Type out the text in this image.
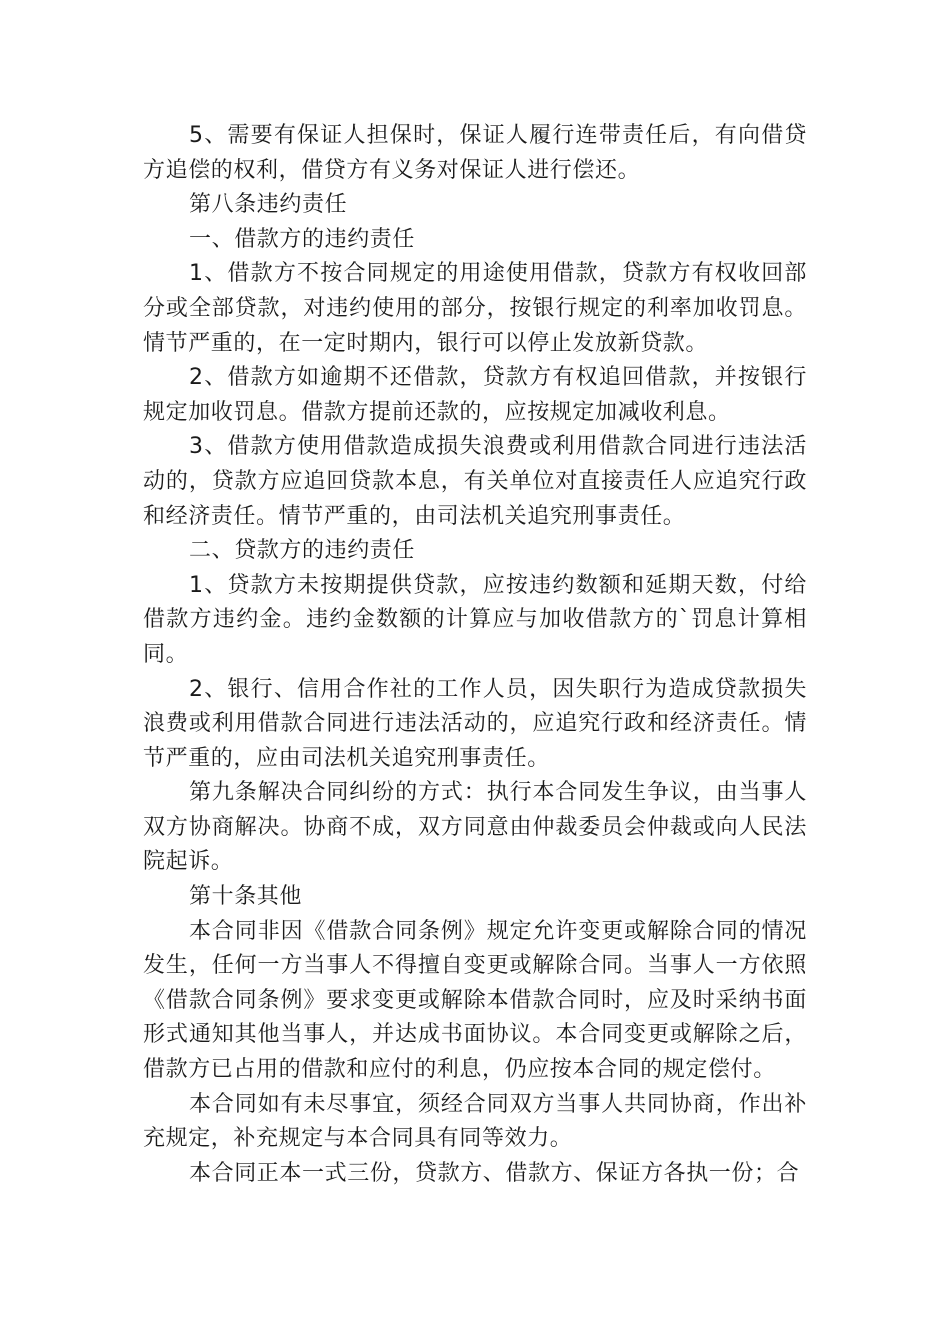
5、需要有保证人担保时，保证人履行连带责任后，有向借贷方追偿的权利，借贷方有义务对保证人进行偿还。

第八条违约责任

一、借款方的违约责任

1、借款方不按合同规定的用途使用借款，贷款方有权收回部分或全部贷款，对违约使用的部分，按银行规定的利率加收罚息。情节严重的，在一定时期内，银行可以停止发放新贷款。

2、借款方如逾期不还借款，贷款方有权追回借款，并按银行规定加收罚息。借款方提前还款的，应按规定加减收利息。

3、借款方使用借款造成损失浪费或利用借款合同进行违法活动的，贷款方应追回贷款本息，有关单位对直接责任人应追究行政和经济责任。情节严重的，由司法机关追究刑事责任。

二、贷款方的违约责任

1、贷款方未按期提供贷款，应按违约数额和延期天数，付给借款方违约金。违约金数额的计算应与加收借款方的`罚息计算相同。

2、银行、信用合作社的工作人员，因失职行为造成贷款损失浪费或利用借款合同进行违法活动的，应追究行政和经济责任。情节严重的，应由司法机关追究刑事责任。

第九条解决合同纠纷的方式：执行本合同发生争议，由当事人双方协商解决。协商不成，双方同意由仲裁委员会仲裁或向人民法院起诉。

第十条其他

本合同非因《借款合同条例》规定允许变更或解除合同的情况发生，任何一方当事人不得擅自变更或解除合同。当事人一方依照《借款合同条例》要求变更或解除本借款合同时，应及时采纳书面形式通知其他当事人，并达成书面协议。本合同变更或解除之后，借款方已占用的借款和应付的利息，仍应按本合同的规定偿付。

本合同如有未尽事宜，须经合同双方当事人共同协商，作出补充规定，补充规定与本合同具有同等效力。

本合同正本一式三份，贷款方、借款方、保证方各执一份；合
